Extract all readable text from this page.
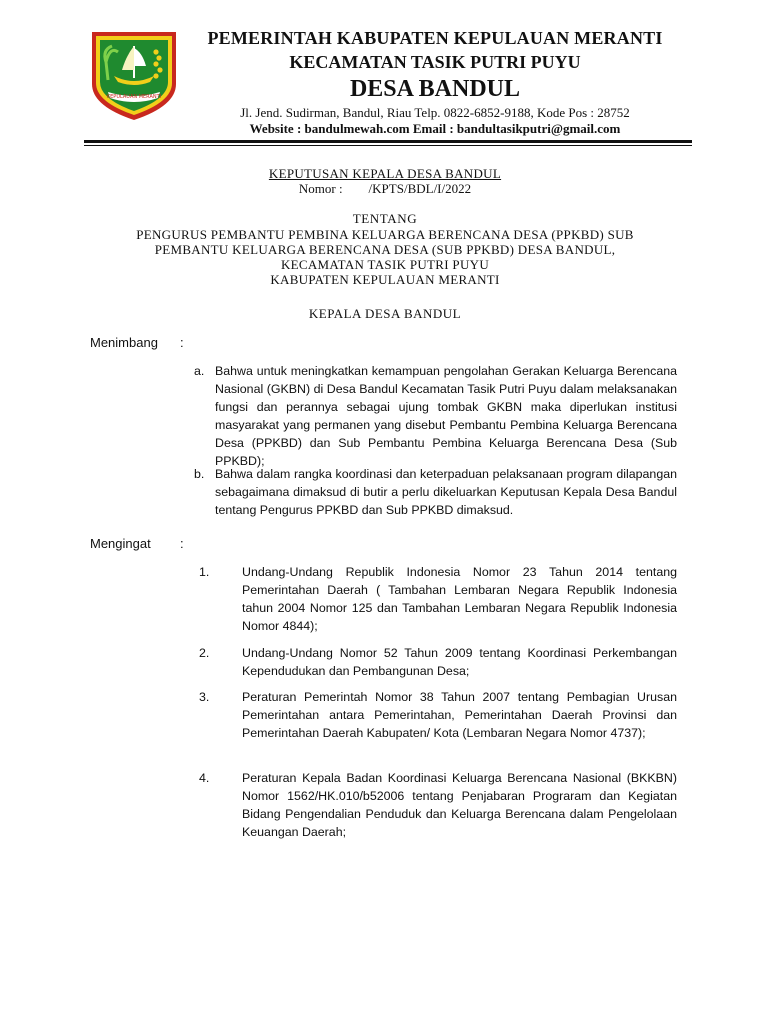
KEPULAUAN MERANTI
PEMERINTAH KABUPATEN KEPULAUAN MERANTI
KECAMATAN TASIK PUTRI PUYU
DESA BANDUL
Jl. Jend. Sudirman, Bandul, Riau Telp. 0822-6852-9188, Kode Pos : 28752
Website : bandulmewah.com Email : bandultasikputri@gmail.com
KEPUTUSAN KEPALA DESA BANDUL
Nomor :        /KPTS/BDL/I/2022
TENTANG
PENGURUS PEMBANTU PEMBINA KELUARGA BERENCANA DESA (PPKBD) SUB
PEMBANTU KELUARGA BERENCANA DESA (SUB PPKBD) DESA BANDUL,
KECAMATAN TASIK PUTRI PUYU
KABUPATEN KEPULAUAN MERANTI
KEPALA DESA BANDUL
Menimbang :
a. Bahwa untuk meningkatkan kemampuan pengolahan Gerakan Keluarga Berencana Nasional (GKBN) di Desa Bandul Kecamatan Tasik Putri Puyu dalam melaksanakan fungsi dan perannya sebagai ujung tombak GKBN maka diperlukan institusi masyarakat yang permanen yang disebut Pembantu Pembina Keluarga Berencana Desa (PPKBD) dan Sub Pembantu Pembina Keluarga Berencana Desa (Sub PPKBD);
b. Bahwa dalam rangka koordinasi dan keterpaduan pelaksanaan program dilapangan sebagaimana dimaksud di butir a perlu dikeluarkan Keputusan Kepala Desa Bandul tentang Pengurus PPKBD dan Sub PPKBD dimaksud.
Mengingat :
1.	Undang-Undang Republik Indonesia Nomor 23 Tahun 2014 tentang Pemerintahan Daerah ( Tambahan Lembaran Negara Republik Indonesia tahun 2004 Nomor 125 dan Tambahan Lembaran Negara Republik Indonesia Nomor 4844);
2.	Undang-Undang Nomor 52 Tahun 2009 tentang Koordinasi Perkembangan Kependudukan dan Pembangunan Desa;
3.	Peraturan Pemerintah Nomor 38 Tahun 2007 tentang Pembagian Urusan Pemerintahan antara Pemerintahan, Pemerintahan Daerah Provinsi dan Pemerintahan Daerah Kabupaten/ Kota (Lembaran Negara Nomor 4737);
4.	Peraturan Kepala Badan Koordinasi Keluarga Berencana Nasional (BKKBN) Nomor 1562/HK.010/b52006 tentang Penjabaran Prograram dan Kegiatan Bidang Pengendalian Penduduk dan Keluarga Berencana dalam Pengelolaan Keuangan Daerah;
